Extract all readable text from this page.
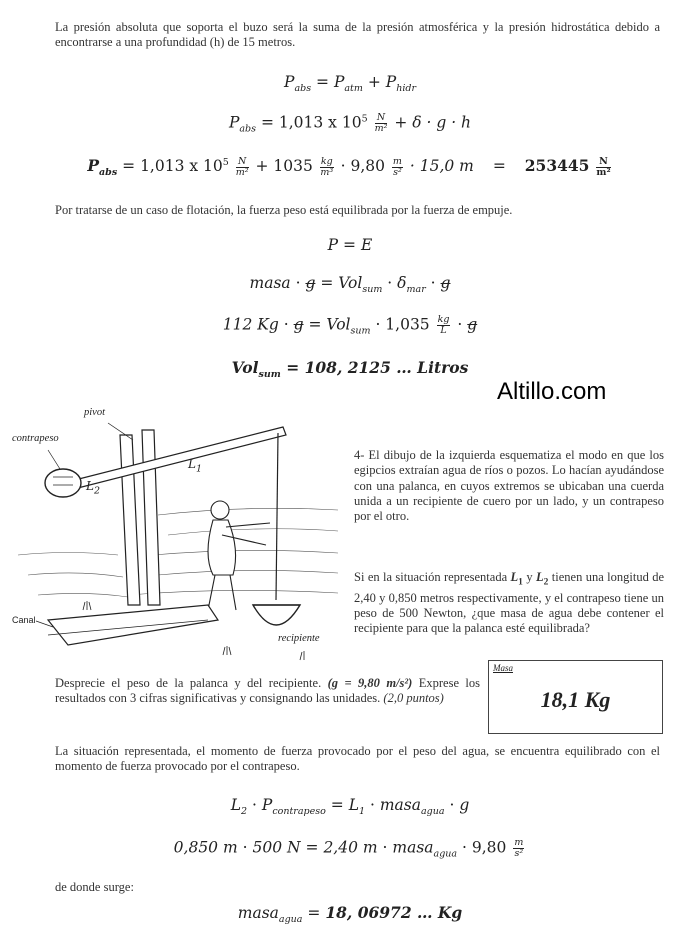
La presión absoluta que soporta el buzo será la suma de la presión atmosférica y la presión hidrostática debido a encontrarse a una profundidad (h) de 15 metros.
$P_{abs} = P_{atm} + P_{hidr}$
$P_{abs} = 1,013$ x $10^5 \frac{N}{\text{m²}} + \delta \cdot g \cdot h$
$P_{abs} = 1,013$ x $10^5 \frac{N}{\text{m²}} + 1035 \frac{kg}{\text{m³}} \cdot 9,80 \frac{m}{\text{s²}} \cdot 15,0$ $m = 253445 \frac{N}{\text{m²}}$
Por tratarse de un caso de flotación, la fuerza peso está equilibrada por la fuerza de empuje.
P = E
masa · $g = Vol_{sum} \cdot \delta_{mar} \cdot g$
112 $Kg \cdot g = Vol_{sum} \cdot 1,035 \frac{kg}{L} \cdot g$
Vol$_{sum}$ = 108, 2125 … Litros
Altillo.com
pivot
contrapeso
$L_1$
$L_2$
Canal
recipiente
4- El dibujo de la izquierda esquematiza el modo en que los egipcios extraían agua de ríos o pozos. Lo hacían ayudándose con una palanca, en cuyos extremos se ubicaban una cuerda unida a un recipiente de cuero por un lado, y un contrapeso por el otro.
Si en la situación representada $L_1$ y $L_2$ tienen una longitud de 2,40 y 0,850 metros respectivamente, y el contrapeso tiene un peso de 500 Newton, ¿que masa de agua debe contener el recipiente para que la palanca esté equilibrada?
Masa
18,1 Kg
Desprecie el peso de la palanca y del recipiente. (g = 9,80 m/s²) Exprese los resultados con 3 cifras significativas y consignando las unidades. (2,0 puntos)
La situación representada, el momento de fuerza provocado por el peso del agua, se encuentra equilibrado con el momento de fuerza provocado por el contrapeso.
$L_2 \cdot P_{contrapeso} = L_1$ · masa$_{agua}$ · g
0,850 m · 500 N = 2,40 m · masa$_{agua}$ · $9,80 \frac{m}{\text{s²}}$
de donde surge:
masa$_{agua}$ = 18, 06972 … Kg
